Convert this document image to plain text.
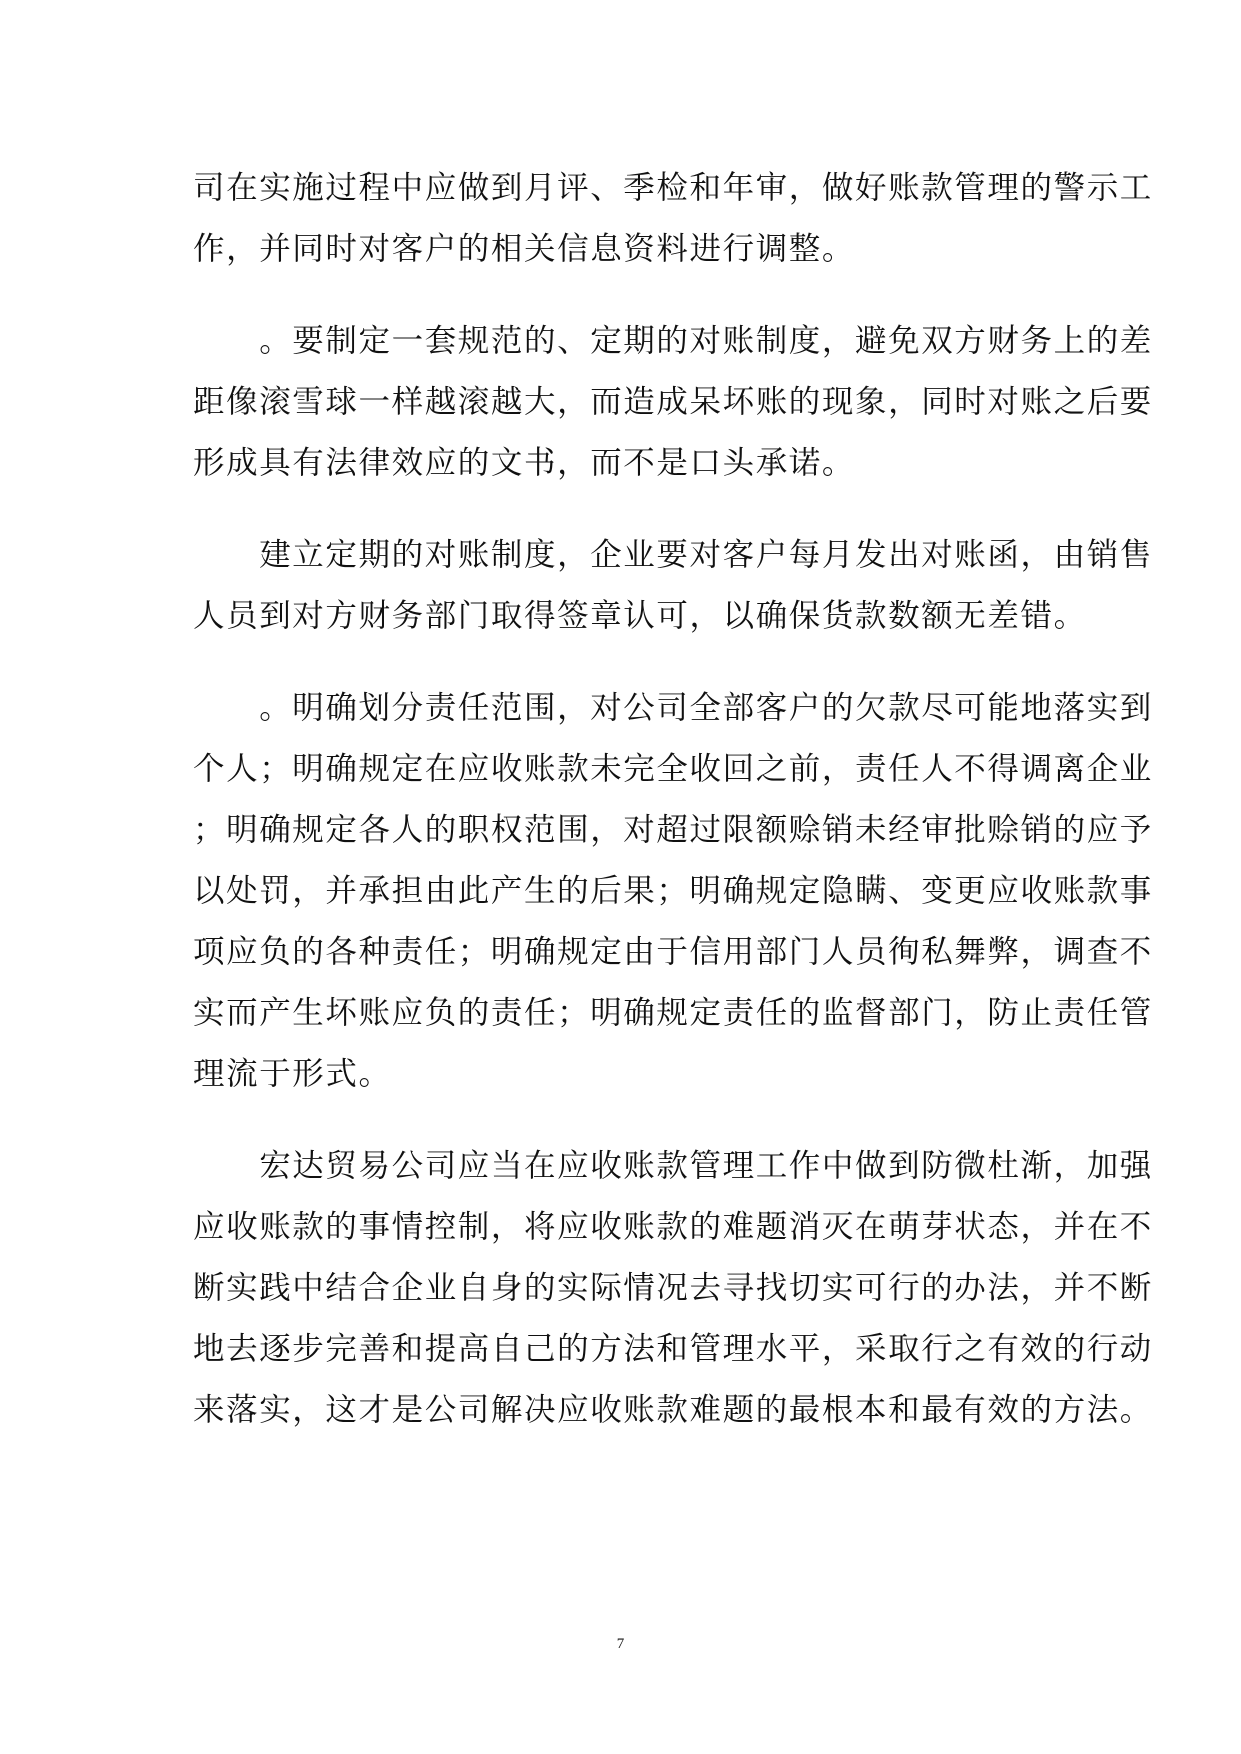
司在实施过程中应做到月评、季检和年审，做好账款管理的警示工
作，并同时对客户的相关信息资料进行调整。

　　。要制定一套规范的、定期的对账制度，避免双方财务上的差
距像滚雪球一样越滚越大，而造成呆坏账的现象，同时对账之后要
形成具有法律效应的文书，而不是口头承诺。

　　建立定期的对账制度，企业要对客户每月发出对账函，由销售
人员到对方财务部门取得签章认可，以确保货款数额无差错。

　　。明确划分责任范围，对公司全部客户的欠款尽可能地落实到
个人；明确规定在应收账款未完全收回之前，责任人不得调离企业
；明确规定各人的职权范围，对超过限额赊销未经审批赊销的应予
以处罚，并承担由此产生的后果；明确规定隐瞒、变更应收账款事
项应负的各种责任；明确规定由于信用部门人员徇私舞弊，调查不
实而产生坏账应负的责任；明确规定责任的监督部门，防止责任管
理流于形式。

　　宏达贸易公司应当在应收账款管理工作中做到防微杜渐，加强
应收账款的事情控制，将应收账款的难题消灭在萌芽状态，并在不
断实践中结合企业自身的实际情况去寻找切实可行的办法，并不断
地去逐步完善和提高自己的方法和管理水平，采取行之有效的行动
来落实，这才是公司解决应收账款难题的最根本和最有效的方法。

7
